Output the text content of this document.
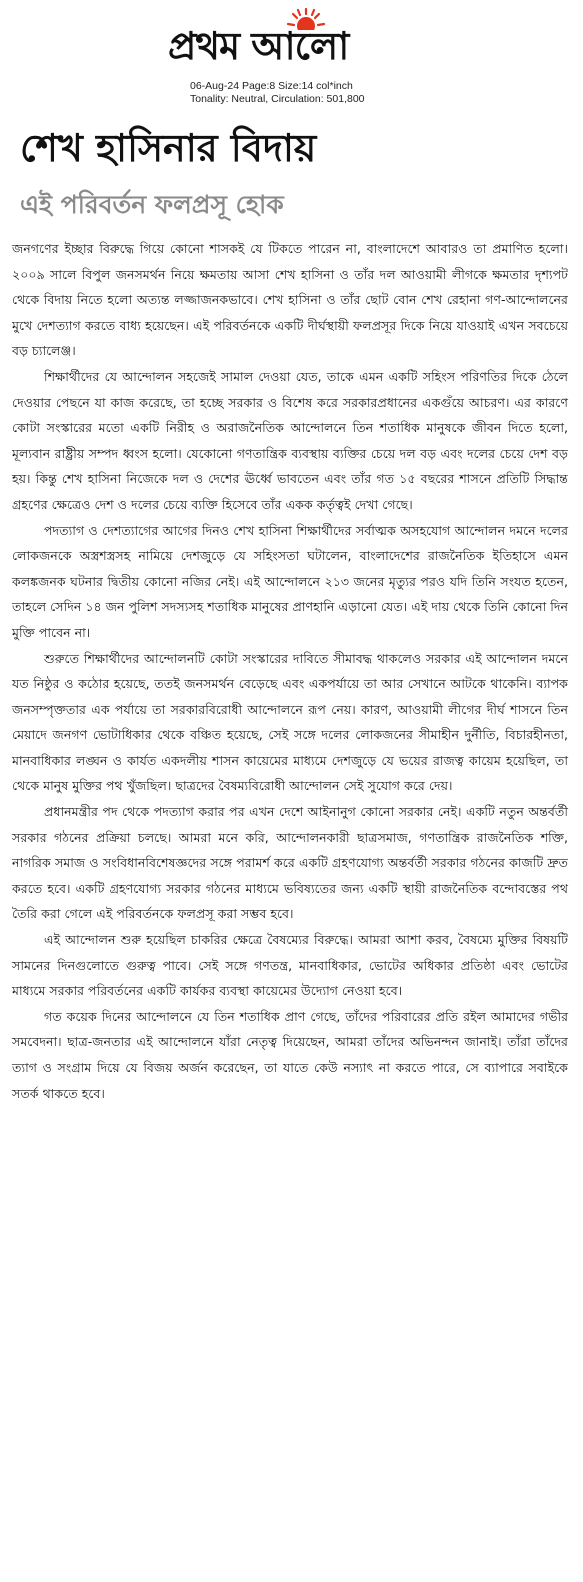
প্রথম আলো
06-Aug-24 Page:8 Size:14 col*inch
Tonality: Neutral, Circulation: 501,800
শেখ হাসিনার বিদায়
এই পরিবর্তন ফলপ্রসূ হোক

জনগণের ইচ্ছার বিরুদ্ধে গিয়ে কোনো শাসকই যে টিকতে পারেন না, বাংলাদেশে আবারও তা প্রমাণিত হলো। ২০০৯ সালে বিপুল জনসমর্থন নিয়ে ক্ষমতায় আসা শেখ হাসিনা ও তাঁর দল আওয়ামী লীগকে ক্ষমতার দৃশ্যপট থেকে বিদায় নিতে হলো অত্যন্ত লজ্জাজনকভাবে। শেখ হাসিনা ও তাঁর ছোট বোন শেখ রেহানা গণ-আন্দোলনের মুখে দেশত্যাগ করতে বাধ্য হয়েছেন। এই পরিবর্তনকে একটি দীর্ঘস্থায়ী ফলপ্রসূর দিকে নিয়ে যাওয়াই এখন সবচেয়ে বড় চ্যালেঞ্জ।

শিক্ষার্থীদের যে আন্দোলন সহজেই সামাল দেওয়া যেত, তাকে এমন একটি সহিংস পরিণতির দিকে ঠেলে দেওয়ার পেছনে যা কাজ করেছে, তা হচ্ছে সরকার ও বিশেষ করে সরকারপ্রধানের একগুঁয়ে আচরণ। এর কারণে কোটা সংস্কারের মতো একটি নিরীহ ও অরাজনৈতিক আন্দোলনে তিন শতাধিক মানুষকে জীবন দিতে হলো, মূল্যবান রাষ্ট্রীয় সম্পদ ধ্বংস হলো। যেকোনো গণতান্ত্রিক ব্যবস্থায় ব্যক্তির চেয়ে দল বড় এবং দলের চেয়ে দেশ বড় হয়। কিন্তু শেখ হাসিনা নিজেকে দল ও দেশের ঊর্ধ্বে ভাবতেন এবং তাঁর গত ১৫ বছরের শাসনে প্রতিটি সিদ্ধান্ত গ্রহণের ক্ষেত্রেও দেশ ও দলের চেয়ে ব্যক্তি হিসেবে তাঁর একক কর্তৃত্বই দেখা গেছে।

পদত্যাগ ও দেশত্যাগের আগের দিনও শেখ হাসিনা শিক্ষার্থীদের সর্বাত্মক অসহযোগ আন্দোলন দমনে দলের লোকজনকে অস্ত্রশস্ত্রসহ নামিয়ে দেশজুড়ে যে সহিংসতা ঘটালেন, বাংলাদেশের রাজনৈতিক ইতিহাসে এমন কলঙ্কজনক ঘটনার দ্বিতীয় কোনো নজির নেই। এই আন্দোলনে ২১৩ জনের মৃত্যুর পরও যদি তিনি সংযত হতেন, তাহলে সেদিন ১৪ জন পুলিশ সদস্যসহ শতাধিক মানুষের প্রাণহানি এড়ানো যেত। এই দায় থেকে তিনি কোনো দিন মুক্তি পাবেন না।

শুরুতে শিক্ষার্থীদের আন্দোলনটি কোটা সংস্কারের দাবিতে সীমাবদ্ধ থাকলেও সরকার এই আন্দোলন দমনে যত নিষ্ঠুর ও কঠোর হয়েছে, ততই জনসমর্থন বেড়েছে এবং একপর্যায়ে তা আর সেখানে আটকে থাকেনি। ব্যাপক জনসম্পৃক্ততার এক পর্যায়ে তা সরকারবিরোধী আন্দোলনে রূপ নেয়। কারণ, আওয়ামী লীগের দীর্ঘ শাসনে তিন মেয়াদে জনগণ ভোটাধিকার থেকে বঞ্চিত হয়েছে, সেই সঙ্গে দলের লোকজনের সীমাহীন দুর্নীতি, বিচারহীনতা, মানবাধিকার লঙ্ঘন ও কার্যত একদলীয় শাসন কায়েমের মাধ্যমে দেশজুড়ে যে ভয়ের রাজত্ব কায়েম হয়েছিল, তা থেকে মানুষ মুক্তির পথ খুঁজছিল। ছাত্রদের বৈষম্যবিরোধী আন্দোলন সেই সুযোগ করে দেয়।

প্রধানমন্ত্রীর পদ থেকে পদত্যাগ করার পর এখন দেশে আইনানুগ কোনো সরকার নেই। একটি নতুন অন্তর্বর্তী সরকার গঠনের প্রক্রিয়া চলছে। আমরা মনে করি, আন্দোলনকারী ছাত্রসমাজ, গণতান্ত্রিক রাজনৈতিক শক্তি, নাগরিক সমাজ ও সংবিধানবিশেষজ্ঞদের সঙ্গে পরামর্শ করে একটি গ্রহণযোগ্য অন্তর্বর্তী সরকার গঠনের কাজটি দ্রুত করতে হবে। একটি গ্রহণযোগ্য সরকার গঠনের মাধ্যমে ভবিষ্যতের জন্য একটি স্থায়ী রাজনৈতিক বন্দোবস্তের পথ তৈরি করা গেলে এই পরিবর্তনকে ফলপ্রসূ করা সম্ভব হবে।

এই আন্দোলন শুরু হয়েছিল চাকরির ক্ষেত্রে বৈষম্যের বিরুদ্ধে। আমরা আশা করব, বৈষম্যে মুক্তির বিষয়টি সামনের দিনগুলোতে গুরুত্ব পাবে। সেই সঙ্গে গণতন্ত্র, মানবাধিকার, ভোটের অধিকার প্রতিষ্ঠা এবং ভোটের মাধ্যমে সরকার পরিবর্তনের একটি কার্যকর ব্যবস্থা কায়েমের উদ্যোগ নেওয়া হবে।

গত কয়েক দিনের আন্দোলনে যে তিন শতাধিক প্রাণ গেছে, তাঁদের পরিবারের প্রতি রইল আমাদের গভীর সমবেদনা। ছাত্র-জনতার এই আন্দোলনে যাঁরা নেতৃত্ব দিয়েছেন, আমরা তাঁদের অভিনন্দন জানাই। তাঁরা তাঁদের ত্যাগ ও সংগ্রাম দিয়ে যে বিজয় অর্জন করেছেন, তা যাতে কেউ নস্যাৎ না করতে পারে, সে ব্যাপারে সবাইকে সতর্ক থাকতে হবে।
